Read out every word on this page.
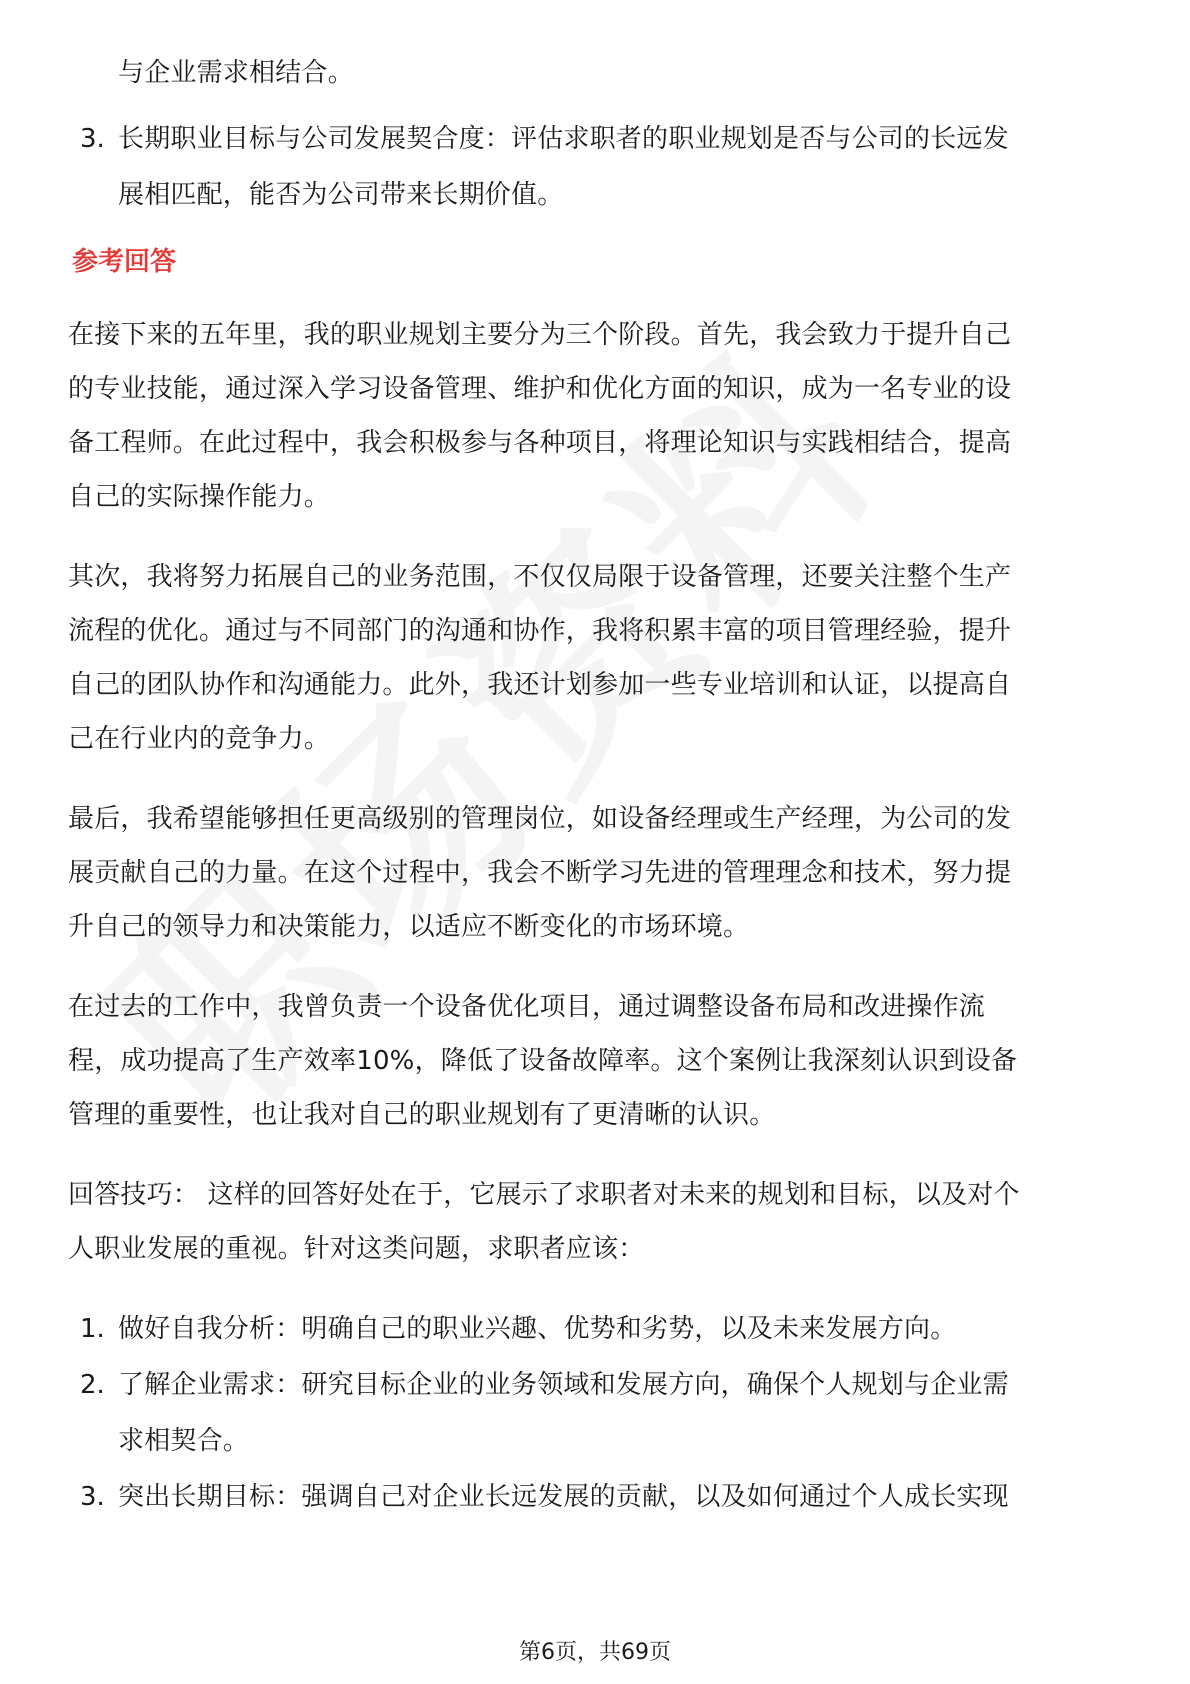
与企业需求相结合。
3. 长期职业目标与公司发展契合度：评估求职者的职业规划是否与公司的长远发
展相匹配，能否为公司带来长期价值。
参考回答
在接下来的五年里，我的职业规划主要分为三个阶段。首先，我会致力于提升自己
的专业技能，通过深入学习设备管理、维护和优化方面的知识，成为一名专业的设
备工程师。在此过程中，我会积极参与各种项目，将理论知识与实践相结合，提高
自己的实际操作能力。
其次，我将努力拓展自己的业务范围，不仅仅局限于设备管理，还要关注整个生产
流程的优化。通过与不同部门的沟通和协作，我将积累丰富的项目管理经验，提升
自己的团队协作和沟通能力。此外，我还计划参加一些专业培训和认证，以提高自
己在行业内的竞争力。
最后，我希望能够担任更高级别的管理岗位，如设备经理或生产经理，为公司的发
展贡献自己的力量。在这个过程中，我会不断学习先进的管理理念和技术，努力提
升自己的领导力和决策能力，以适应不断变化的市场环境。
在过去的工作中，我曾负责一个设备优化项目，通过调整设备布局和改进操作流
程，成功提高了生产效率10%，降低了设备故障率。这个案例让我深刻认识到设备
管理的重要性，也让我对自己的职业规划有了更清晰的认识。
回答技巧： 这样的回答好处在于，它展示了求职者对未来的规划和目标，以及对个
人职业发展的重视。针对这类问题，求职者应该：
1. 做好自我分析：明确自己的职业兴趣、优势和劣势，以及未来发展方向。
2. 了解企业需求：研究目标企业的业务领域和发展方向，确保个人规划与企业需
求相契合。
3. 突出长期目标：强调自己对企业长远发展的贡献，以及如何通过个人成长实现
第6页，共69页
